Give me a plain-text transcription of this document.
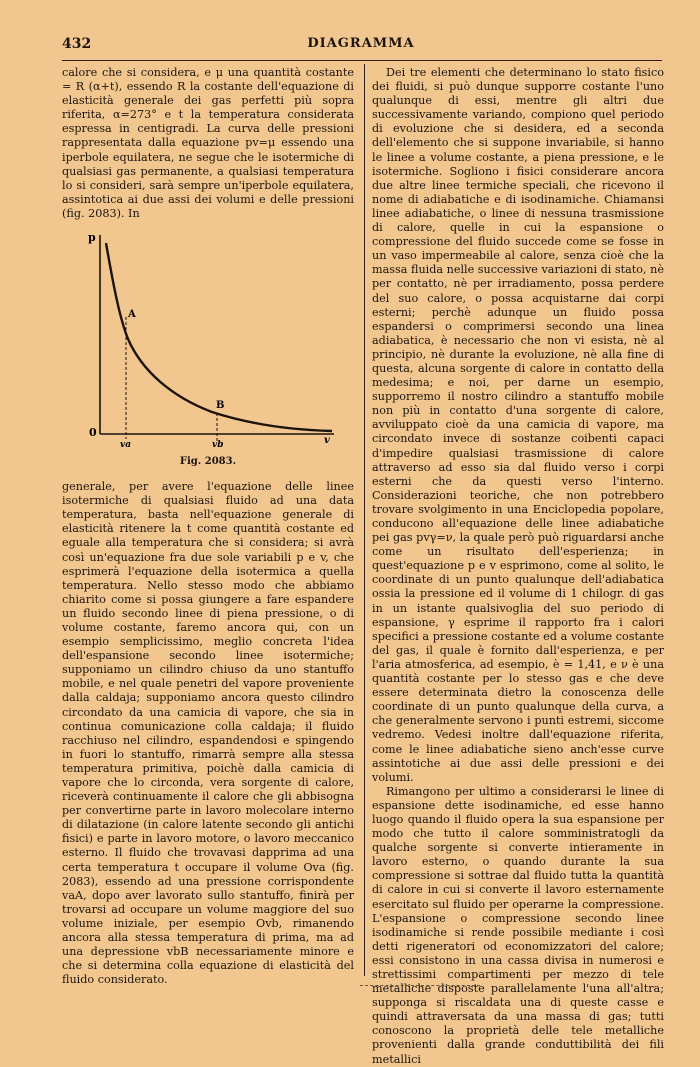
432	DIAGRAMMA

calore che si considera, e μ una quantità costante = R (α+t), essendo R la costante dell'equazione di elasticità generale dei gas perfetti più sopra riferita, α=273° e t la temperatura considerata espressa in centigradi. La curva delle pressioni rappresentata dalla equazione pv=μ essendo una iperbole equilatera, ne segue che le isotermiche di qualsiasi gas permanente, a qualsiasi temperatura lo si consideri, sarà sempre un'iperbole equilatera, assintotica ai due assi dei volumi e delle pressioni (fig. 2083). In

p
0
A
B
va	vb	v
Fig. 2083.

generale, per avere l'equazione delle linee isotermiche di qualsiasi fluido ad una data temperatura, basta nell'equazione generale di elasticità ritenere la t come quantità costante ed eguale alla temperatura che si considera; si avrà così un'equazione fra due sole variabili p e v, che esprimerà l'equazione della isotermica a quella temperatura. Nello stesso modo che abbiamo chiarito come si possa giungere a fare espandere un fluido secondo linee di piena pressione, o di volume costante, faremo ancora qui, con un esempio semplicissimo, meglio concreta l'idea dell'espansione secondo linee isotermiche; supponiamo un cilindro chiuso da uno stantuffo mobile, e nel quale penetri del vapore proveniente dalla caldaja; supponiamo ancora questo cilindro circondato da una camicia di vapore, che sia in continua comunicazione colla caldaja; il fluido racchiuso nel cilindro, espandendosi e spingendo in fuori lo stantuffo, rimarrà sempre alla stessa temperatura primitiva, poichè dalla camicia di vapore che lo circonda, vera sorgente di calore, riceverà continuamente il calore che gli abbisogna per convertirne parte in lavoro molecolare interno di dilatazione (in calore latente secondo gli antichi fisici) e parte in lavoro motore, o lavoro meccanico esterno. Il fluido che trovavasi dapprima ad una certa temperatura t occupare il volume Ova (fig. 2083), essendo ad una pressione corrispondente vaA, dopo aver lavorato sullo stantuffo, finirà per trovarsi ad occupare un volume maggiore del suo volume iniziale, per esempio Ovb, rimanendo ancora alla stessa temperatura di prima, ma ad una depressione vbB necessariamente minore e che si determina colla equazione di elasticità del fluido considerato.

Dei tre elementi che determinano lo stato fisico dei fluidi, si può dunque supporre costante l'uno qualunque di essi, mentre gli altri due successivamente variando, compiono quel periodo di evoluzione che si desidera, ed a seconda dell'elemento che si suppone invariabile, si hanno le linee a volume costante, a piena pressione, e le isotermiche. Sogliono i fisici considerare ancora due altre linee termiche speciali, che ricevono il nome di adiabatiche e di isodinamiche. Chiamansi linee adiabatiche, o linee di nessuna trasmissione di calore, quelle in cui la espansione o compressione del fluido succede come se fosse in un vaso impermeabile al calore, senza cioè che la massa fluida nelle successive variazioni di stato, nè per contatto, nè per irradiamento, possa perdere del suo calore, o possa acquistarne dai corpi esterni; perchè adunque un fluido possa espandersi o comprimersi secondo una linea adiabatica, è necessario che non vi esista, nè al principio, nè durante la evoluzione, nè alla fine di questa, alcuna sorgente di calore in contatto della medesima; e noi, per darne un esempio, supporremo il nostro cilindro a stantuffo mobile non più in contatto d'una sorgente di calore, avviluppato cioè da una camicia di vapore, ma circondato invece di sostanze coibenti capaci d'impedire qualsiasi trasmissione di calore attraverso ad esso sia dal fluido verso i corpi esterni che da questi verso l'interno. Considerazioni teoriche, che non potrebbero trovare svolgimento in una Enciclopedia popolare, conducono all'equazione delle linee adiabatiche pei gas pvγ=ν, la quale però può riguardarsi anche come un risultato dell'esperienza; in quest'equazione p e v esprimono, come al solito, le coordinate di un punto qualunque dell'adiabatica ossia la pressione ed il volume di 1 chilogr. di gas in un istante qualsivoglia del suo periodo di espansione, γ esprime il rapporto fra i calori specifici a pressione costante ed a volume costante del gas, il quale è fornito dall'esperienza, e per l'aria atmosferica, ad esempio, è = 1,41, e ν è una quantità costante per lo stesso gas e che deve essere determinata dietro la conoscenza delle coordinate di un punto qualunque della curva, a che generalmente servono i punti estremi, siccome vedremo. Vedesi inoltre dall'equazione riferita, come le linee adiabatiche sieno anch'esse curve assintotiche ai due assi delle pressioni e dei volumi.

Rimangono per ultimo a considerarsi le linee di espansione dette isodinamiche, ed esse hanno luogo quando il fluido opera la sua espansione per modo che tutto il calore somministratogli da qualche sorgente si converte intieramente in lavoro esterno, o quando durante la sua compressione si sottrae dal fluido tutta la quantità di calore in cui si converte il lavoro esternamente esercitato sul fluido per operarne la compressione. L'espansione o compressione secondo linee isodinamiche si rende possibile mediante i così detti rigeneratori od economizzatori del calore; essi consistono in una cassa divisa in numerosi e strettissimi compartimenti per mezzo di tele metalliche disposte parallelamente l'una all'altra; supponga si riscaldata una di queste casse e quindi attraversata da una massa di gas; tutti conoscono la proprietà delle tele metalliche provenienti dalla grande conduttibilità dei fili metallici
